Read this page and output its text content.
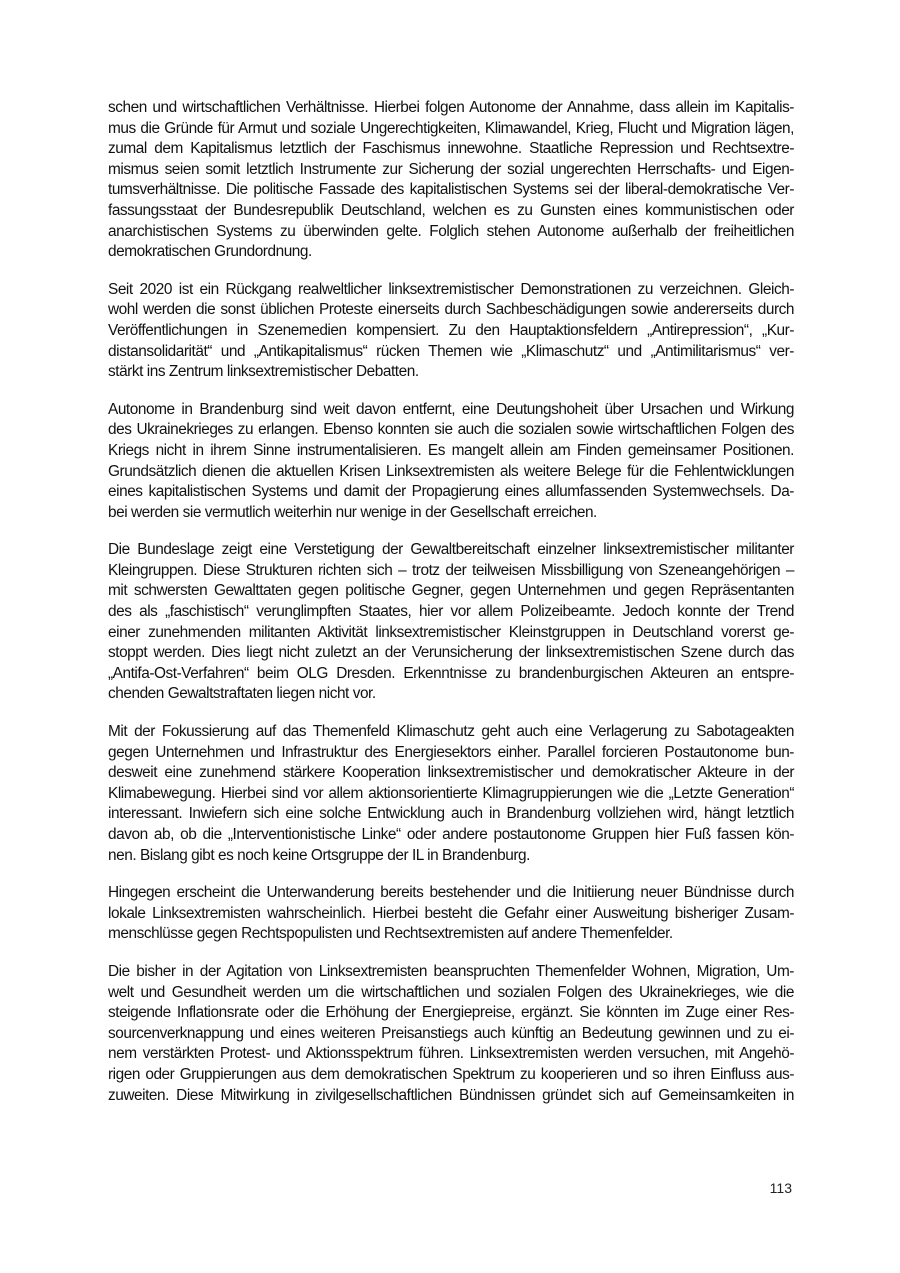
schen und wirtschaftlichen Verhältnisse. Hierbei folgen Autonome der Annahme, dass allein im Kapitalis-
mus die Gründe für Armut und soziale Ungerechtigkeiten, Klimawandel, Krieg, Flucht und Migration lägen,
zumal dem Kapitalismus letztlich der Faschismus innewohne. Staatliche Repression und Rechtsextre-
mismus seien somit letztlich Instrumente zur Sicherung der sozial ungerechten Herrschafts- und Eigen-
tumsverhältnisse. Die politische Fassade des kapitalistischen Systems sei der liberal-demokratische Ver-
fassungsstaat der Bundesrepublik Deutschland, welchen es zu Gunsten eines kommunistischen oder
anarchistischen Systems zu überwinden gelte. Folglich stehen Autonome außerhalb der freiheitlichen
demokratischen Grundordnung.

Seit 2020 ist ein Rückgang realweltlicher linksextremistischer Demonstrationen zu verzeichnen. Gleich-
wohl werden die sonst üblichen Proteste einerseits durch Sachbeschädigungen sowie andererseits durch
Veröffentlichungen in Szenemedien kompensiert. Zu den Hauptaktionsfeldern „Antirepression“, „Kur-
distansolidarität“ und „Antikapitalismus“ rücken Themen wie „Klimaschutz“ und „Antimilitarismus“ ver-
stärkt ins Zentrum linksextremistischer Debatten.

Autonome in Brandenburg sind weit davon entfernt, eine Deutungshoheit über Ursachen und Wirkung
des Ukrainekrieges zu erlangen. Ebenso konnten sie auch die sozialen sowie wirtschaftlichen Folgen des
Kriegs nicht in ihrem Sinne instrumentalisieren. Es mangelt allein am Finden gemeinsamer Positionen.
Grundsätzlich dienen die aktuellen Krisen Linksextremisten als weitere Belege für die Fehlentwicklungen
eines kapitalistischen Systems und damit der Propagierung eines allumfassenden Systemwechsels. Da-
bei werden sie vermutlich weiterhin nur wenige in der Gesellschaft erreichen.

Die Bundeslage zeigt eine Verstetigung der Gewaltbereitschaft einzelner linksextremistischer militanter
Kleingruppen. Diese Strukturen richten sich – trotz der teilweisen Missbilligung von Szeneangehörigen –
mit schwersten Gewalttaten gegen politische Gegner, gegen Unternehmen und gegen Repräsentanten
des als „faschistisch“ verunglimpften Staates, hier vor allem Polizeibeamte. Jedoch konnte der Trend
einer zunehmenden militanten Aktivität linksextremistischer Kleinstgruppen in Deutschland vorerst ge-
stoppt werden. Dies liegt nicht zuletzt an der Verunsicherung der linksextremistischen Szene durch das
„Antifa-Ost-Verfahren“ beim OLG Dresden. Erkenntnisse zu brandenburgischen Akteuren an entspre-
chenden Gewaltstraftaten liegen nicht vor.

Mit der Fokussierung auf das Themenfeld Klimaschutz geht auch eine Verlagerung zu Sabotageakten
gegen Unternehmen und Infrastruktur des Energiesektors einher. Parallel forcieren Postautonome bun-
desweit eine zunehmend stärkere Kooperation linksextremistischer und demokratischer Akteure in der
Klimabewegung. Hierbei sind vor allem aktionsorientierte Klimagruppierungen wie die „Letzte Generation“
interessant. Inwiefern sich eine solche Entwicklung auch in Brandenburg vollziehen wird, hängt letztlich
davon ab, ob die „Interventionistische Linke“ oder andere postautonome Gruppen hier Fuß fassen kön-
nen. Bislang gibt es noch keine Ortsgruppe der IL in Brandenburg.

Hingegen erscheint die Unterwanderung bereits bestehender und die Initiierung neuer Bündnisse durch
lokale Linksextremisten wahrscheinlich. Hierbei besteht die Gefahr einer Ausweitung bisheriger Zusam-
menschlüsse gegen Rechtspopulisten und Rechtsextremisten auf andere Themenfelder.

Die bisher in der Agitation von Linksextremisten beanspruchten Themenfelder Wohnen, Migration, Um-
welt und Gesundheit werden um die wirtschaftlichen und sozialen Folgen des Ukrainekrieges, wie die
steigende Inflationsrate oder die Erhöhung der Energiepreise, ergänzt. Sie könnten im Zuge einer Res-
sourcenverknappung und eines weiteren Preisanstiegs auch künftig an Bedeutung gewinnen und zu ei-
nem verstärkten Protest- und Aktionsspektrum führen. Linksextremisten werden versuchen, mit Angehö-
rigen oder Gruppierungen aus dem demokratischen Spektrum zu kooperieren und so ihren Einfluss aus-
zuweiten. Diese Mitwirkung in zivilgesellschaftlichen Bündnissen gründet sich auf Gemeinsamkeiten in

113
